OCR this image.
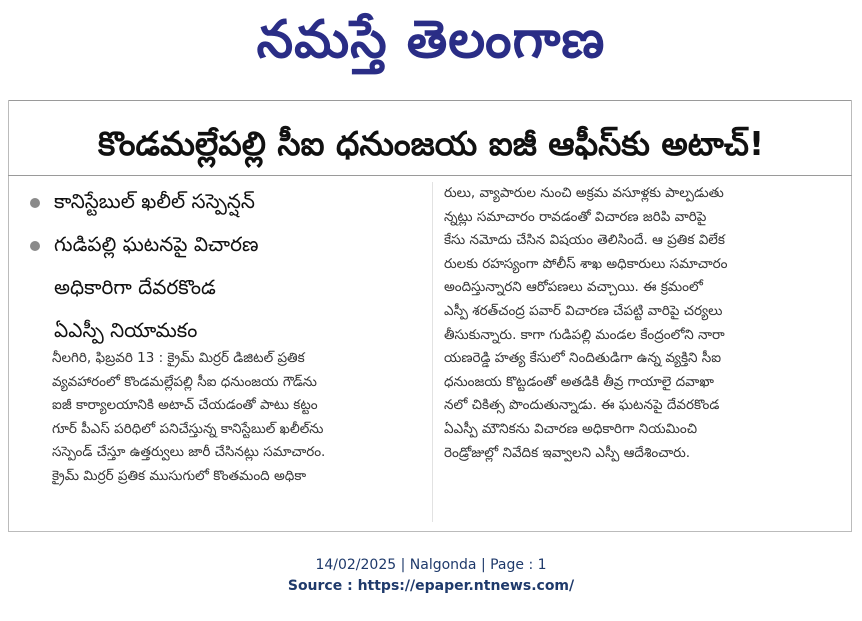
నమస్తే తెలంగాణ
కొండమల్లేపల్లి సీఐ ధనుంజయ ఐజీ ఆఫీస్‌కు అటాచ్!
కానిస్టేబుల్ ఖలీల్ సస్పెన్షన్
గుడిపల్లి ఘటనపై విచారణ
అధికారిగా దేవరకొండ
ఏఎస్పీ నియామకం
నీలగిరి, ఫిబ్రవరి 13 : క్రైమ్ మిర్రర్ డిజిటల్ ప్రతిక
వ్యవహారంలో కొండమల్లేపల్లి సీఐ ధనుంజయ గౌడ్‌ను
ఐజీ కార్యాలయానికి అటాచ్ చేయడంతో పాటు కట్టం
గూర్ పీఎస్ పరిధిలో పనిచేస్తున్న కానిస్టేబుల్ ఖలీల్‌ను
సస్పెండ్ చేస్తూ ఉత్తర్వులు జారీ చేసినట్లు సమాచారం.
క్రైమ్ మిర్రర్ ప్రతిక ముసుగులో కొంతమంది అధికా
రులు, వ్యాపారుల నుంచి అక్రమ వసూళ్లకు పాల్పడుతు
న్నట్లు సమాచారం రావడంతో విచారణ జరిపి వారిపై
కేసు నమోదు చేసిన విషయం తెలిసిందే. ఆ ప్రతిక విలేక
రులకు రహస్యంగా పోలీస్ శాఖ అధికారులు సమాచారం
అందిస్తున్నారని ఆరోపణలు వచ్చాయి. ఈ క్రమంలో
ఎస్పీ శరత్‌చంద్ర పవార్ విచారణ చేపట్టి వారిపై చర్యలు
తీసుకున్నారు. కాగా గుడిపల్లి మండల కేంద్రంలోని నారా
యణరెడ్డి హత్య కేసులో నిందితుడిగా ఉన్న వ్యక్తిని సీఐ
ధనుంజయ కొట్టడంతో అతడికి తీవ్ర గాయాలై దవాఖా
నలో చికిత్స పొందుతున్నాడు. ఈ ఘటనపై దేవరకొండ
ఏఎస్పీ మౌనికను విచారణ అధికారిగా నియమించి
రెండ్రోజుల్లో నివేదిక ఇవ్వాలని ఎస్పీ ఆదేశించారు.
14/02/2025 | Nalgonda | Page : 1
Source : https://epaper.ntnews.com/
